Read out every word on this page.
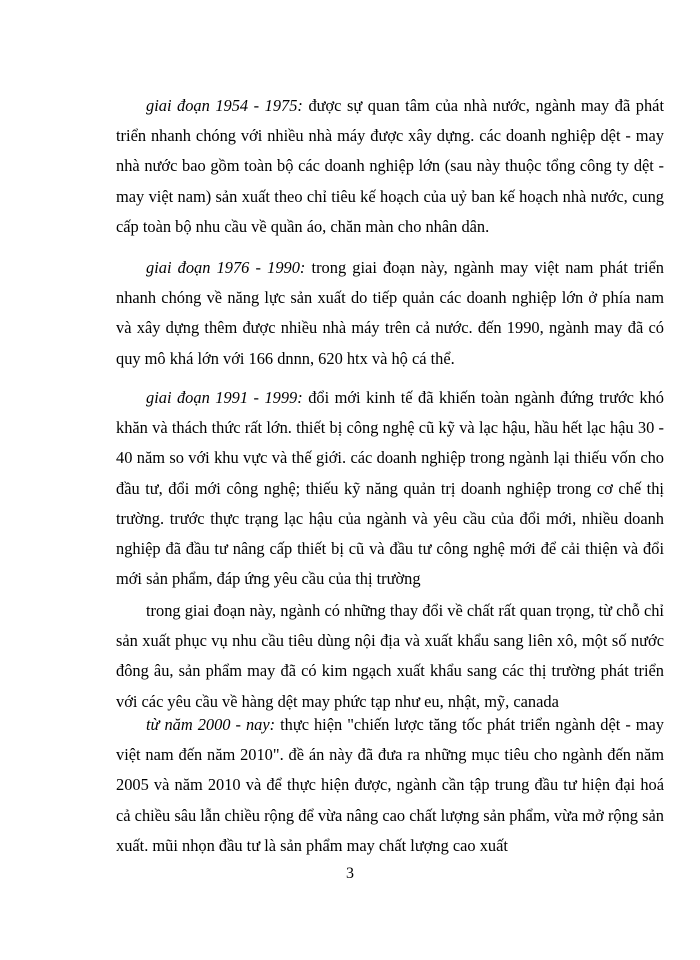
giai đoạn 1954 - 1975: được sự quan tâm của nhà nước, ngành may đã phát triển nhanh chóng với nhiều nhà máy được xây dựng. các doanh nghiệp dệt - may nhà nước bao gồm toàn bộ các doanh nghiệp lớn (sau này thuộc tổng công ty dệt - may việt nam) sản xuất theo chỉ tiêu kế hoạch của uỷ ban kế hoạch nhà nước, cung cấp toàn bộ nhu cầu về quần áo, chăn màn cho nhân dân.

giai đoạn 1976 - 1990: trong giai đoạn này, ngành may việt nam phát triển nhanh chóng về năng lực sản xuất do tiếp quản các doanh nghiệp lớn ở phía nam và xây dựng thêm được nhiều nhà máy trên cả nước. đến 1990, ngành may đã có quy mô khá lớn với 166 dnnn, 620 htx và hộ cá thể.

giai đoạn 1991 - 1999: đổi mới kinh tế đã khiến toàn ngành đứng trước khó khăn và thách thức rất lớn. thiết bị công nghệ cũ kỹ và lạc hậu, hầu hết lạc hậu 30 - 40 năm so với khu vực và thế giới. các doanh nghiệp trong ngành lại thiếu vốn cho đầu tư, đổi mới công nghệ; thiếu kỹ năng quản trị doanh nghiệp trong cơ chế thị trường. trước thực trạng lạc hậu của ngành và yêu cầu của đổi mới, nhiều doanh nghiệp đã đầu tư nâng cấp thiết bị cũ và đầu tư công nghệ mới để cải thiện và đổi mới sản phẩm, đáp ứng yêu cầu của thị trường

trong giai đoạn này, ngành có những thay đổi về chất rất quan trọng, từ chỗ chỉ sản xuất phục vụ nhu cầu tiêu dùng nội địa và xuất khẩu sang liên xô, một số nước đông âu, sản phẩm may đã có kim ngạch xuất khẩu sang các thị trường phát triển với các yêu cầu về hàng dệt may phức tạp như eu, nhật, mỹ, canada

từ năm 2000 - nay: thực hiện "chiến lược tăng tốc phát triển ngành dệt - may việt nam đến năm 2010". đề án này đã đưa ra những mục tiêu cho ngành đến năm 2005 và năm 2010 và để thực hiện được, ngành cần tập trung đầu tư hiện đại hoá cả chiều sâu lẫn chiều rộng để vừa nâng cao chất lượng sản phẩm, vừa mở rộng sản xuất. mũi nhọn đầu tư là sản phẩm may chất lượng cao xuất

3
